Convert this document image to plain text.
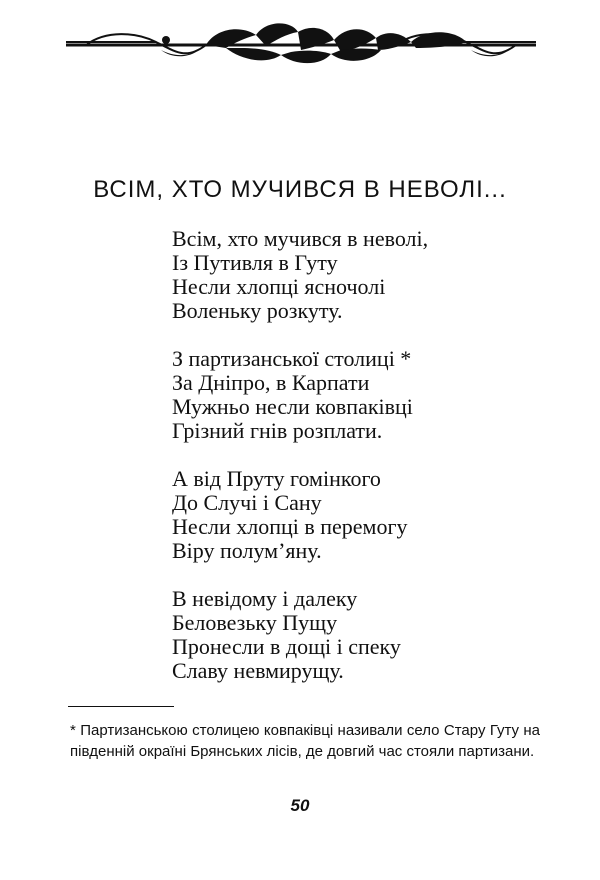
ВСІМ, ХТО МУЧИВСЯ В НЕВОЛІ...
Всім, хто мучився в неволі,
Із Путивля в Гуту
Несли хлопці ясночолі
Воленьку розкуту.
З партизанської столиці *
За Дніпро, в Карпати
Мужньо несли ковпаківці
Грізний гнів розплати.
А від Пруту гомінкого
До Случі і Сану
Несли хлопці в перемогу
Віру полум’яну.
В невідому і далеку
Беловезьку Пущу
Пронесли в дощі і спеку
Славу невмирущу.
* Партизанською столицею ковпаківці називали село Стару Гуту на південній окраїні Брянських лісів, де довгий час стояли партизани.
50
